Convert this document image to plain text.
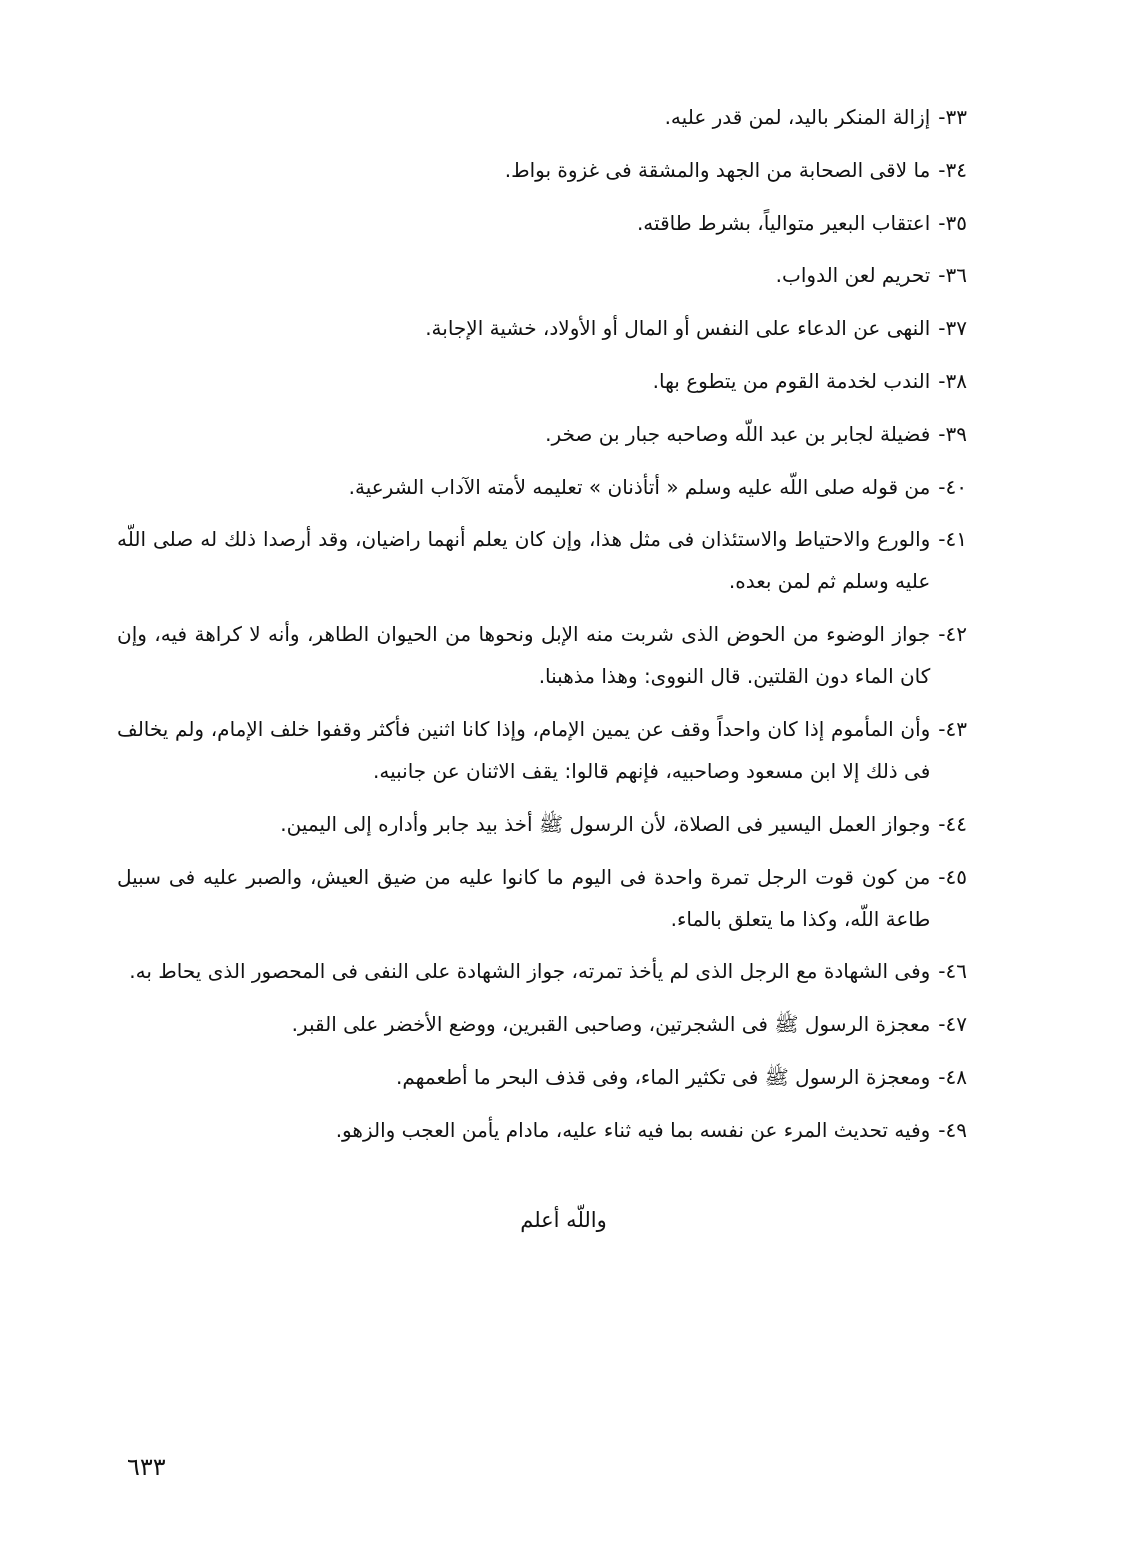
٣٣-
إزالة المنكر باليد، لمن قدر عليه.
٣٤-
ما لاقى الصحابة من الجهد والمشقة فى غزوة بواط.
٣٥-
اعتقاب البعير متوالياً، بشرط طاقته.
٣٦-
تحريم لعن الدواب.
٣٧-
النهى عن الدعاء على النفس أو المال أو الأولاد، خشية الإجابة.
٣٨-
الندب لخدمة القوم من يتطوع بها.
٣٩-
فضيلة لجابر بن عبد اللّه وصاحبه جبار بن صخر.
٤٠-
من قوله صلى اللّه عليه وسلم « أتأذنان » تعليمه لأمته الآداب الشرعية.
٤١-
والورع والاحتياط والاستئذان فى مثل هذا، وإن كان يعلم أنهما راضيان، وقد أرصدا ذلك له صلى اللّه عليه وسلم ثم لمن بعده.
٤٢-
جواز الوضوء من الحوض الذى شربت منه الإبل ونحوها من الحيوان الطاهر، وأنه لا كراهة فيه، وإن كان الماء دون القلتين. قال النووى: وهذا مذهبنا.
٤٣-
وأن المأموم إذا كان واحداً وقف عن يمين الإمام، وإذا كانا اثنين فأكثر وقفوا خلف الإمام، ولم يخالف فى ذلك إلا ابن مسعود وصاحبيه، فإنهم قالوا: يقف الاثنان عن جانبيه.
٤٤-
وجواز العمل اليسير فى الصلاة، لأن الرسول ﷺ أخذ بيد جابر وأداره إلى اليمين.
٤٥-
من كون قوت الرجل تمرة واحدة فى اليوم ما كانوا عليه من ضيق العيش، والصبر عليه فى سبيل طاعة اللّه، وكذا ما يتعلق بالماء.
٤٦-
وفى الشهادة مع الرجل الذى لم يأخذ تمرته، جواز الشهادة على النفى فى المحصور الذى يحاط به.
٤٧-
معجزة الرسول ﷺ فى الشجرتين، وصاحبى القبرين، ووضع الأخضر على القبر.
٤٨-
ومعجزة الرسول ﷺ فى تكثير الماء، وفى قذف البحر ما أطعمهم.
٤٩-
وفيه تحديث المرء عن نفسه بما فيه ثناء عليه، مادام يأمن العجب والزهو.
واللّه أعلم
٦٣٣
